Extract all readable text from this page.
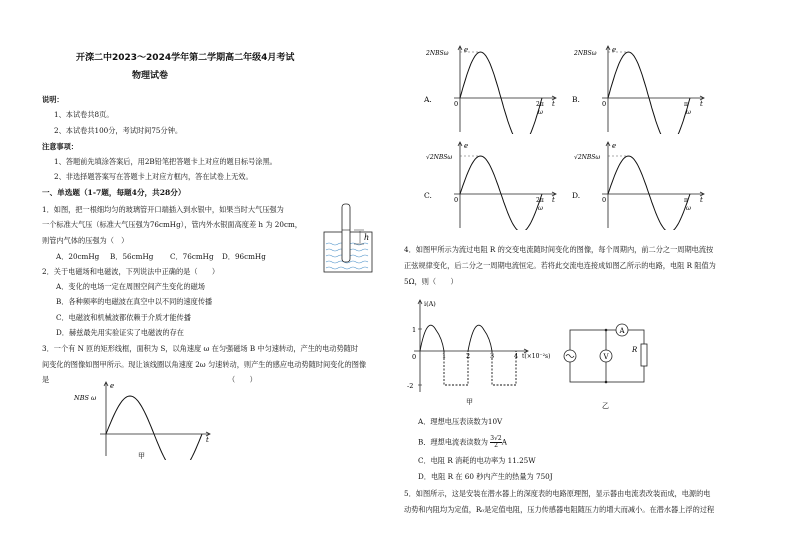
开滦二中2023～2024学年第二学期高二年级4月考试
物理试卷
说明：
1、本试卷共8页。
2、本试卷共100分，考试时间75分钟。
注意事项：
1、答题前先填涂答案后，用2B铅笔把答题卡上对应的题目标号涂黑。
2、非选择题答案写在答题卡上对应方框内，答在试卷上无效。
一、单选题（1-7题，每题4分，共28分）
1．如图，把一根细均匀的玻璃管开口端插入到水银中，如果当时大气压强为
一个标准大气压（标准大气压强为76cmHg），管内外水银面高度差 h 为 20cm，
则管内气体的压强为（　）
A．20cmHg B．56cmHg C．76cmHg D．96cmHg
h
2．关于电磁场和电磁波，下列说法中正确的是（　　）
A．变化的电场一定在周围空间产生变化的磁场
B．各种频率的电磁波在真空中以不同的速度传播
C．电磁波和机械波都依赖于介质才能传播
D．赫兹最先用实验证实了电磁波的存在
3．一个有 N 匝的矩形线框，面积为 S，以角速度 ω 在匀强磁场 B 中匀速转动，产生的电动势随时
间变化的图像如图甲所示。现让该线圈以角速度 2ω 匀速转动，则产生的感应电动势随时间变化的图像
是	（　　）
e
t
NBS ω
甲
A.	0
e
t
2NBSω
2π
ω
B.	0
e
t
2NBSω
π
ω
C.	0
e
t
√2NBSω
2π
ω
D.	0
e
t
√2NBSω
π
ω
4．如图甲所示为流过电阻 R 的交变电流随时间变化的图像，每个周期内，前二分之一周期电流按
正弦规律变化，后二分之一周期电流恒定。若将此交流电连接成如图乙所示的电路，电阻 R 阻值为
5Ω，则（　　）
i(A)
1
-2
0	1	2	3	4 t(×10⁻²s)
甲
V
A
R
乙
A．理想电压表读数为10V
B．理想电流表读数为 $\frac{3√2}{2}$ A
C．电阻 R 消耗的电功率为 11.25W
D．电阻 R 在 60 秒内产生的热量为 750J
5．如图所示，这是安装在潜水器上的深度表的电路原理图，显示器由电流表改装而成，电源的电
动势和内阻均为定值，R₀是定值电阻，压力传感器电阻随压力的增大而减小。在潜水器上浮的过程
